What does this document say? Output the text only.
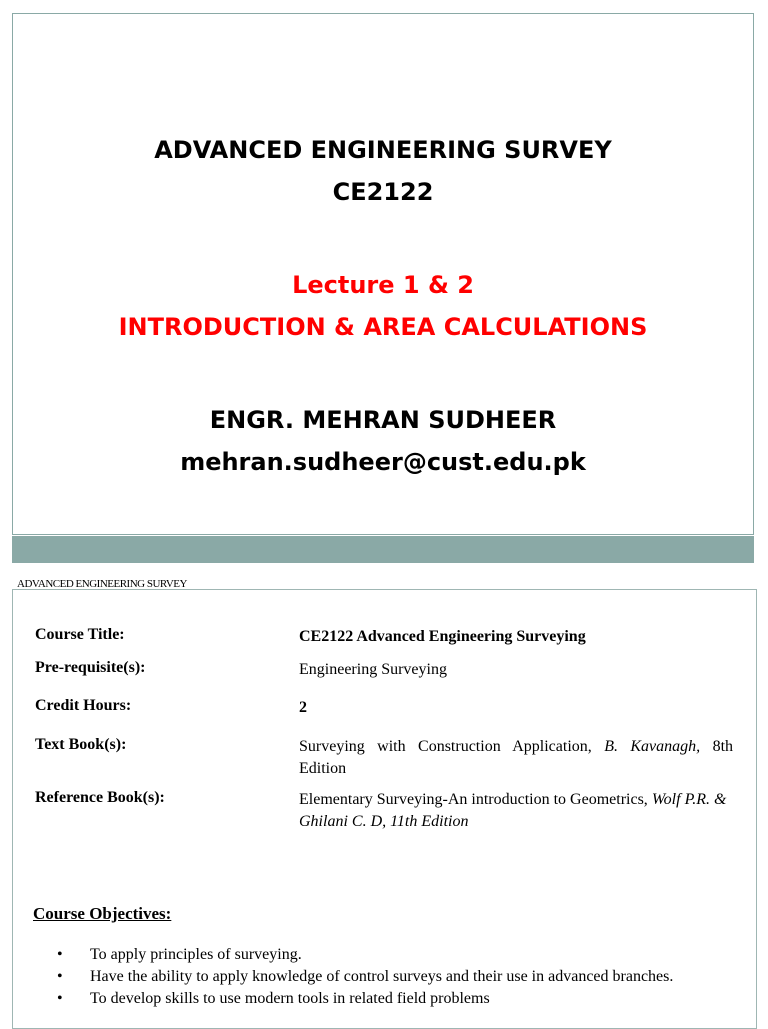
ADVANCED ENGINEERING SURVEY
CE2122
Lecture 1 & 2
INTRODUCTION & AREA CALCULATIONS
ENGR. MEHRAN SUDHEER
mehran.sudheer@cust.edu.pk
ADVANCED ENGINEERING SURVEY
Course Title:	CE2122 Advanced Engineering Surveying
Pre-requisite(s):	Engineering Surveying
Credit Hours:	2
Text Book(s):	Surveying with Construction Application, B. Kavanagh, 8th Edition
Reference Book(s):	Elementary Surveying-An introduction to Geometrics, Wolf P.R. & Ghilani C. D, 11th Edition
Course Objectives:
• To apply principles of surveying.
• Have the ability to apply knowledge of control surveys and their use in advanced branches.
• To develop skills to use modern tools in related field problems
